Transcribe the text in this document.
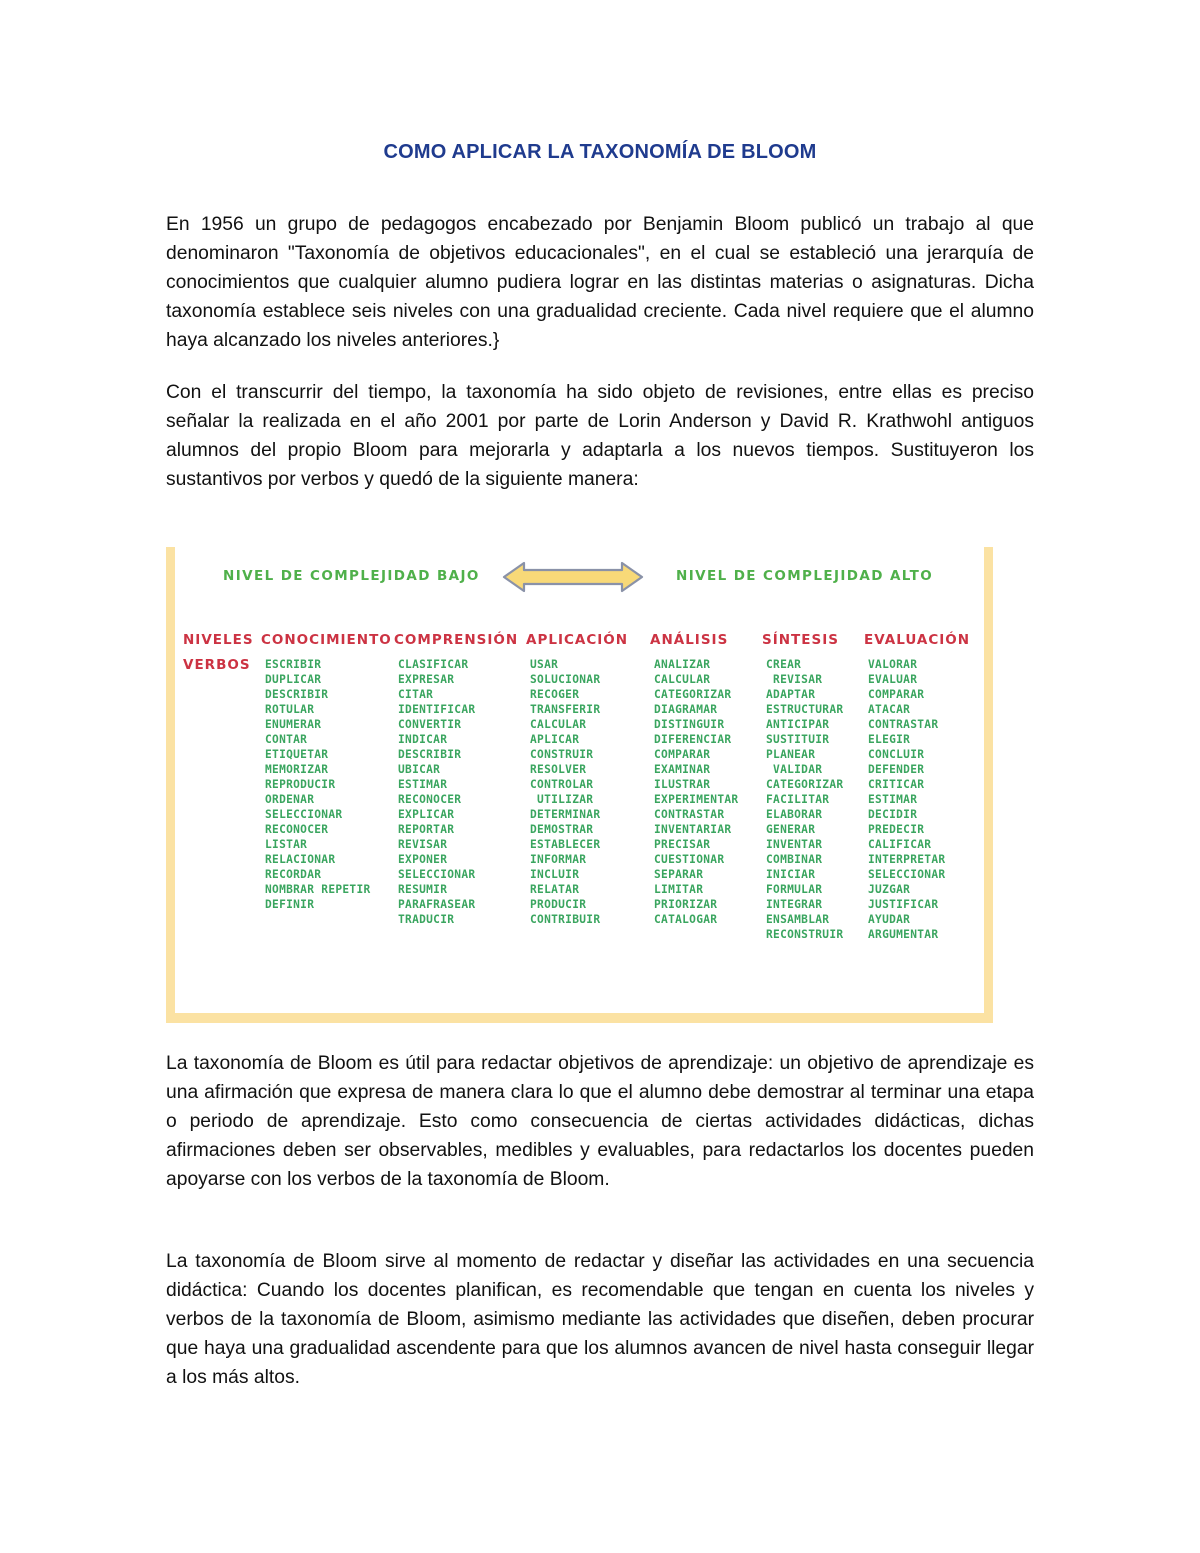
COMO APLICAR LA TAXONOMÍA DE BLOOM

En 1956 un grupo de pedagogos encabezado por Benjamin Bloom publicó un trabajo al que denominaron "Taxonomía de objetivos educacionales", en el cual se estableció una jerarquía de conocimientos que cualquier alumno pudiera lograr en las distintas materias o asignaturas. Dicha taxonomía establece seis niveles con una gradualidad creciente. Cada nivel requiere que el alumno haya alcanzado los niveles anteriores.}

Con el transcurrir del tiempo, la taxonomía ha sido objeto de revisiones, entre ellas es preciso señalar la realizada en el año 2001 por parte de Lorin Anderson y David R. Krathwohl antiguos alumnos del propio Bloom para mejorarla y adaptarla a los nuevos tiempos. Sustituyeron los sustantivos por verbos y quedó de la siguiente manera:

NIVEL DE COMPLEJIDAD BAJO	NIVEL DE COMPLEJIDAD ALTO
NIVELES
VERBOS
CONOCIMIENTO
ESCRIBIR
DUPLICAR
DESCRIBIR
ROTULAR
ENUMERAR
CONTAR
ETIQUETAR
MEMORIZAR
REPRODUCIR
ORDENAR
SELECCIONAR
RECONOCER
LISTAR
RELACIONAR
RECORDAR
NOMBRAR REPETIR
DEFINIR
COMPRENSIÓN
CLASIFICAR
EXPRESAR
CITAR
IDENTIFICAR
CONVERTIR
INDICAR
DESCRIBIR
UBICAR
ESTIMAR
RECONOCER
EXPLICAR
REPORTAR
REVISAR
EXPONER
SELECCIONAR
RESUMIR
PARAFRASEAR
TRADUCIR
APLICACIÓN
USAR
SOLUCIONAR
RECOGER
TRANSFERIR
CALCULAR
APLICAR
CONSTRUIR
RESOLVER
CONTROLAR
UTILIZAR
DETERMINAR
DEMOSTRAR
ESTABLECER
INFORMAR
INCLUIR
RELATAR
PRODUCIR
CONTRIBUIR
ANÁLISIS
ANALIZAR
CALCULAR
CATEGORIZAR
DIAGRAMAR
DISTINGUIR
DIFERENCIAR
COMPARAR
EXAMINAR
ILUSTRAR
EXPERIMENTAR
CONTRASTAR
INVENTARIAR
PRECISAR
CUESTIONAR
SEPARAR
LIMITAR
PRIORIZAR
CATALOGAR
SÍNTESIS
CREAR
REVISAR
ADAPTAR
ESTRUCTURAR
ANTICIPAR
SUSTITUIR
PLANEAR
VALIDAR
CATEGORIZAR
FACILITAR
ELABORAR
GENERAR
INVENTAR
COMBINAR
INICIAR
FORMULAR
INTEGRAR
ENSAMBLAR
RECONSTRUIR
EVALUACIÓN
VALORAR
EVALUAR
COMPARAR
ATACAR
CONTRASTAR
ELEGIR
CONCLUIR
DEFENDER
CRITICAR
ESTIMAR
DECIDIR
PREDECIR
CALIFICAR
INTERPRETAR
SELECCIONAR
JUZGAR
JUSTIFICAR
AYUDAR
ARGUMENTAR

La taxonomía de Bloom es útil para redactar objetivos de aprendizaje: un objetivo de aprendizaje es una afirmación que expresa de manera clara lo que el alumno debe demostrar al terminar una etapa o periodo de aprendizaje. Esto como consecuencia de ciertas actividades didácticas, dichas afirmaciones deben ser observables, medibles y evaluables, para redactarlos los docentes pueden apoyarse con los verbos de la taxonomía de Bloom.

La taxonomía de Bloom sirve al momento de redactar y diseñar las actividades en una secuencia didáctica: Cuando los docentes planifican, es recomendable que tengan en cuenta los niveles y verbos de la taxonomía de Bloom, asimismo mediante las actividades que diseñen, deben procurar que haya una gradualidad ascendente para que los alumnos avancen de nivel hasta conseguir llegar a los más altos.
